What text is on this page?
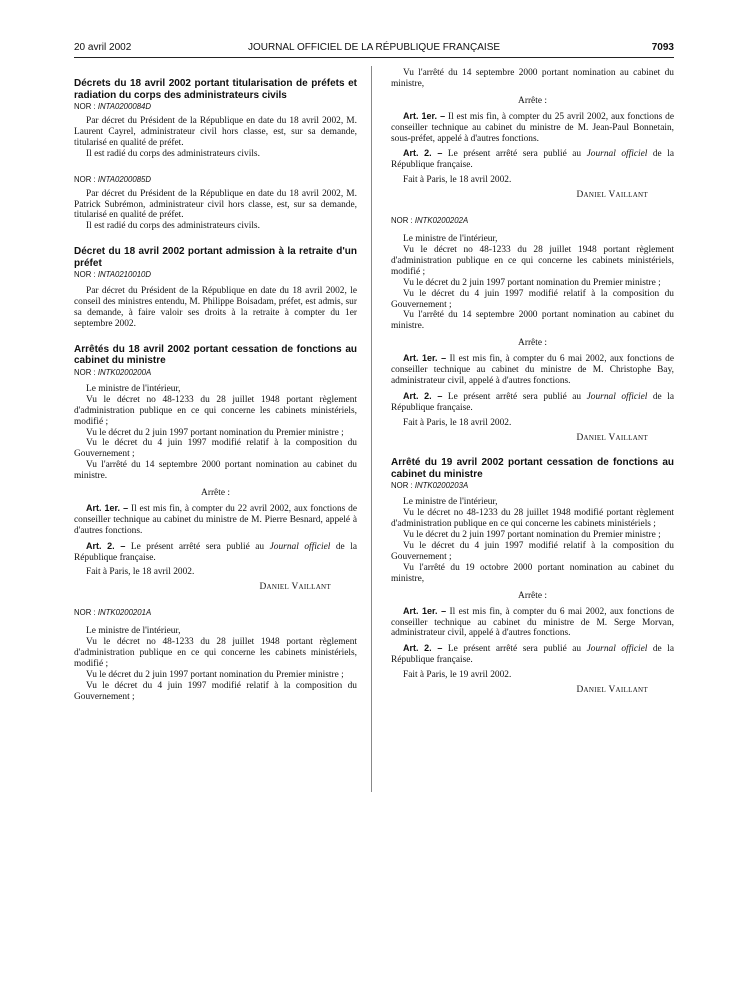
20 avril 2002	JOURNAL OFFICIEL DE LA RÉPUBLIQUE FRANÇAISE	7093

Décrets du 18 avril 2002 portant titularisation de préfets et radiation du corps des administrateurs civils

NOR : INTA0200084D

Par décret du Président de la République en date du 18 avril 2002, M. Laurent Cayrel, administrateur civil hors classe, est, sur sa demande, titularisé en qualité de préfet.

Il est radié du corps des administrateurs civils.

NOR : INTA0200085D

Par décret du Président de la République en date du 18 avril 2002, M. Patrick Subrémon, administrateur civil hors classe, est, sur sa demande, titularisé en qualité de préfet.

Il est radié du corps des administrateurs civils.

Décret du 18 avril 2002 portant admission à la retraite d'un préfet

NOR : INTA0210010D

Par décret du Président de la République en date du 18 avril 2002, le conseil des ministres entendu, M. Philippe Boisadam, préfet, est admis, sur sa demande, à faire valoir ses droits à la retraite à compter du 1er septembre 2002.

Arrêtés du 18 avril 2002 portant cessation de fonctions au cabinet du ministre

NOR : INTK0200200A

Le ministre de l'intérieur,

Vu le décret no 48-1233 du 28 juillet 1948 portant règlement d'administration publique en ce qui concerne les cabinets ministériels, modifié ;

Vu le décret du 2 juin 1997 portant nomination du Premier ministre ;

Vu le décret du 4 juin 1997 modifié relatif à la composition du Gouvernement ;

Vu l'arrêté du 14 septembre 2000 portant nomination au cabinet du ministre.

Arrête :

Art. 1er. – Il est mis fin, à compter du 22 avril 2002, aux fonctions de conseiller technique au cabinet du ministre de M. Pierre Besnard, appelé à d'autres fonctions.

Art. 2. – Le présent arrêté sera publié au Journal officiel de la République française.

Fait à Paris, le 18 avril 2002.

Daniel Vaillant

NOR : INTK0200201A

Le ministre de l'intérieur,

Vu le décret no 48-1233 du 28 juillet 1948 portant règlement d'administration publique en ce qui concerne les cabinets ministériels, modifié ;

Vu le décret du 2 juin 1997 portant nomination du Premier ministre ;

Vu le décret du 4 juin 1997 modifié relatif à la composition du Gouvernement ;

Vu l'arrêté du 14 septembre 2000 portant nomination au cabinet du ministre,

Arrête :

Art. 1er. – Il est mis fin, à compter du 25 avril 2002, aux fonctions de conseiller technique au cabinet du ministre de M. Jean-Paul Bonnetain, sous-préfet, appelé à d'autres fonctions.

Art. 2. – Le présent arrêté sera publié au Journal officiel de la République française.

Fait à Paris, le 18 avril 2002.

Daniel Vaillant

NOR : INTK0200202A

Le ministre de l'intérieur,

Vu le décret no 48-1233 du 28 juillet 1948 portant règlement d'administration publique en ce qui concerne les cabinets ministériels, modifié ;

Vu le décret du 2 juin 1997 portant nomination du Premier ministre ;

Vu le décret du 4 juin 1997 modifié relatif à la composition du Gouvernement ;

Vu l'arrêté du 14 septembre 2000 portant nomination au cabinet du ministre.

Arrête :

Art. 1er. – Il est mis fin, à compter du 6 mai 2002, aux fonctions de conseiller technique au cabinet du ministre de M. Christophe Bay, administrateur civil, appelé à d'autres fonctions.

Art. 2. – Le présent arrêté sera publié au Journal officiel de la République française.

Fait à Paris, le 18 avril 2002.

Daniel Vaillant

Arrêté du 19 avril 2002 portant cessation de fonctions au cabinet du ministre

NOR : INTK0200203A

Le ministre de l'intérieur,

Vu le décret no 48-1233 du 28 juillet 1948 modifié portant règlement d'administration publique en ce qui concerne les cabinets ministériels ;

Vu le décret du 2 juin 1997 portant nomination du Premier ministre ;

Vu le décret du 4 juin 1997 modifié relatif à la composition du Gouvernement ;

Vu l'arrêté du 19 octobre 2000 portant nomination au cabinet du ministre,

Arrête :

Art. 1er. – Il est mis fin, à compter du 6 mai 2002, aux fonctions de conseiller technique au cabinet du ministre de M. Serge Morvan, administrateur civil, appelé à d'autres fonctions.

Art. 2. – Le présent arrêté sera publié au Journal officiel de la République française.

Fait à Paris, le 19 avril 2002.

Daniel Vaillant
